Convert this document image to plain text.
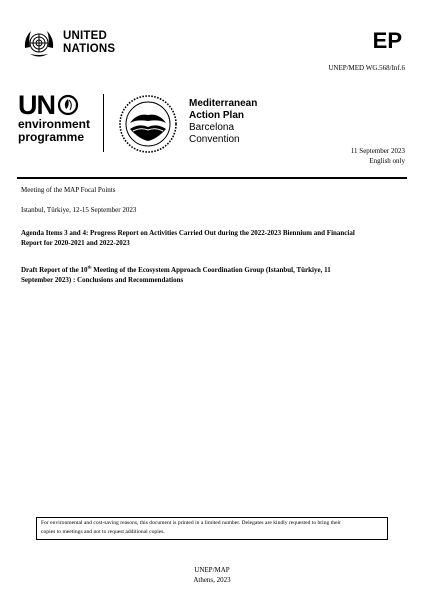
UNITED
NATIONS	EP
UNEP/MED WG.568/Inf.6
UN
environment
programme
Mediterranean
Action Plan
Barcelona
Convention
11 September 2023
English only
Meeting of the MAP Focal Points
Istanbul, Türkiye, 12-15 September 2023
Agenda Items 3 and 4: Progress Report on Activities Carried Out during the 2022-2023 Biennium and Financial
Report for 2020-2021 and 2022-2023
Draft Report of the 10th Meeting of the Ecosystem Approach Coordination Group (Istanbul, Türkiye, 11
September 2023) : Conclusions and Recommendations
For environmental and cost-saving reasons, this document is printed in a limited number. Delegates are kindly requested to bring their
copies to meetings and not to request additional copies.
UNEP/MAP
Athens, 2023
